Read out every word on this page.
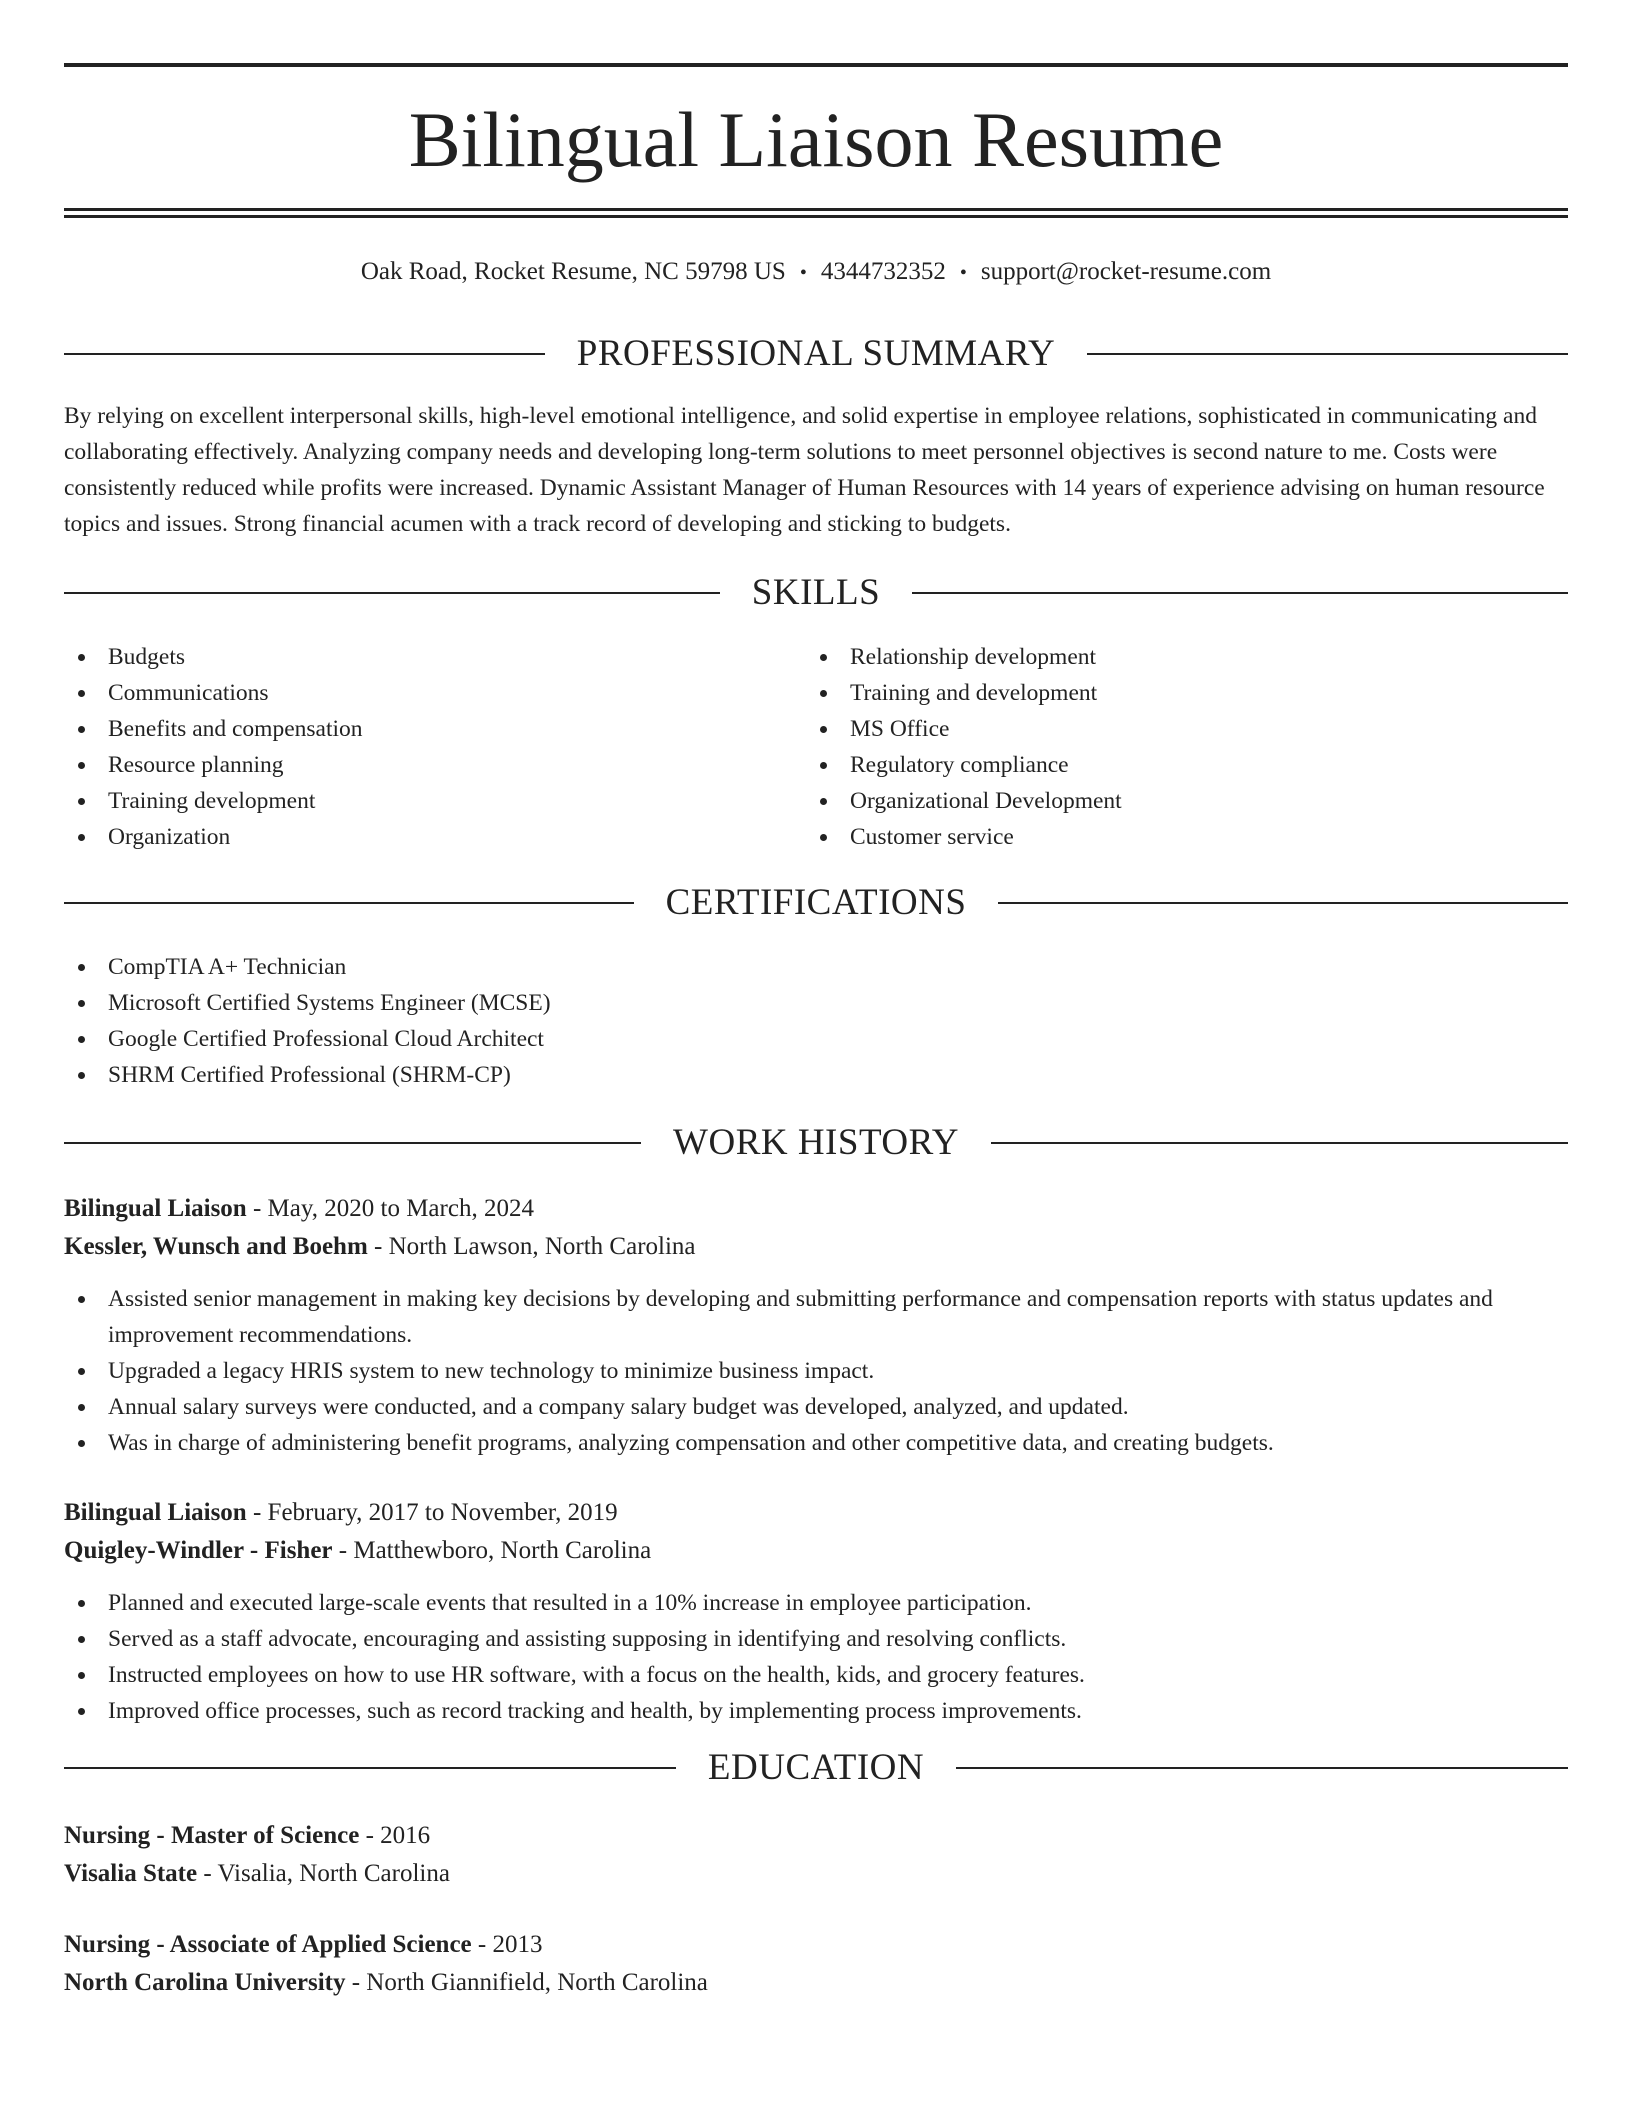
Bilingual Liaison Resume
Oak Road, Rocket Resume, NC 59798 US • 4344732352 • support@rocket-resume.com
PROFESSIONAL SUMMARY

By relying on excellent interpersonal skills, high-level emotional intelligence, and solid expertise in employee relations, sophisticated in communicating and collaborating effectively. Analyzing company needs and developing long-term solutions to meet personnel objectives is second nature to me. Costs were consistently reduced while profits were increased. Dynamic Assistant Manager of Human Resources with 14 years of experience advising on human resource topics and issues. Strong financial acumen with a track record of developing and sticking to budgets.

SKILLS
Budgets
Communications
Benefits and compensation
Resource planning
Training development
Organization
Relationship development
Training and development
MS Office
Regulatory compliance
Organizational Development
Customer service
CERTIFICATIONS
CompTIA A+ Technician
Microsoft Certified Systems Engineer (MCSE)
Google Certified Professional Cloud Architect
SHRM Certified Professional (SHRM-CP)
WORK HISTORY
Bilingual Liaison - May, 2020 to March, 2024
Kessler, Wunsch and Boehm - North Lawson, North Carolina
Assisted senior management in making key decisions by developing and submitting performance and compensation reports with status updates and improvement recommendations.
Upgraded a legacy HRIS system to new technology to minimize business impact.
Annual salary surveys were conducted, and a company salary budget was developed, analyzed, and updated.
Was in charge of administering benefit programs, analyzing compensation and other competitive data, and creating budgets.
Bilingual Liaison - February, 2017 to November, 2019
Quigley-Windler - Fisher - Matthewboro, North Carolina
Planned and executed large-scale events that resulted in a 10% increase in employee participation.
Served as a staff advocate, encouraging and assisting supposing in identifying and resolving conflicts.
Instructed employees on how to use HR software, with a focus on the health, kids, and grocery features.
Improved office processes, such as record tracking and health, by implementing process improvements.
EDUCATION
Nursing - Master of Science - 2016
Visalia State - Visalia, North Carolina
Nursing - Associate of Applied Science - 2013
North Carolina University - North Giannifield, North Carolina
